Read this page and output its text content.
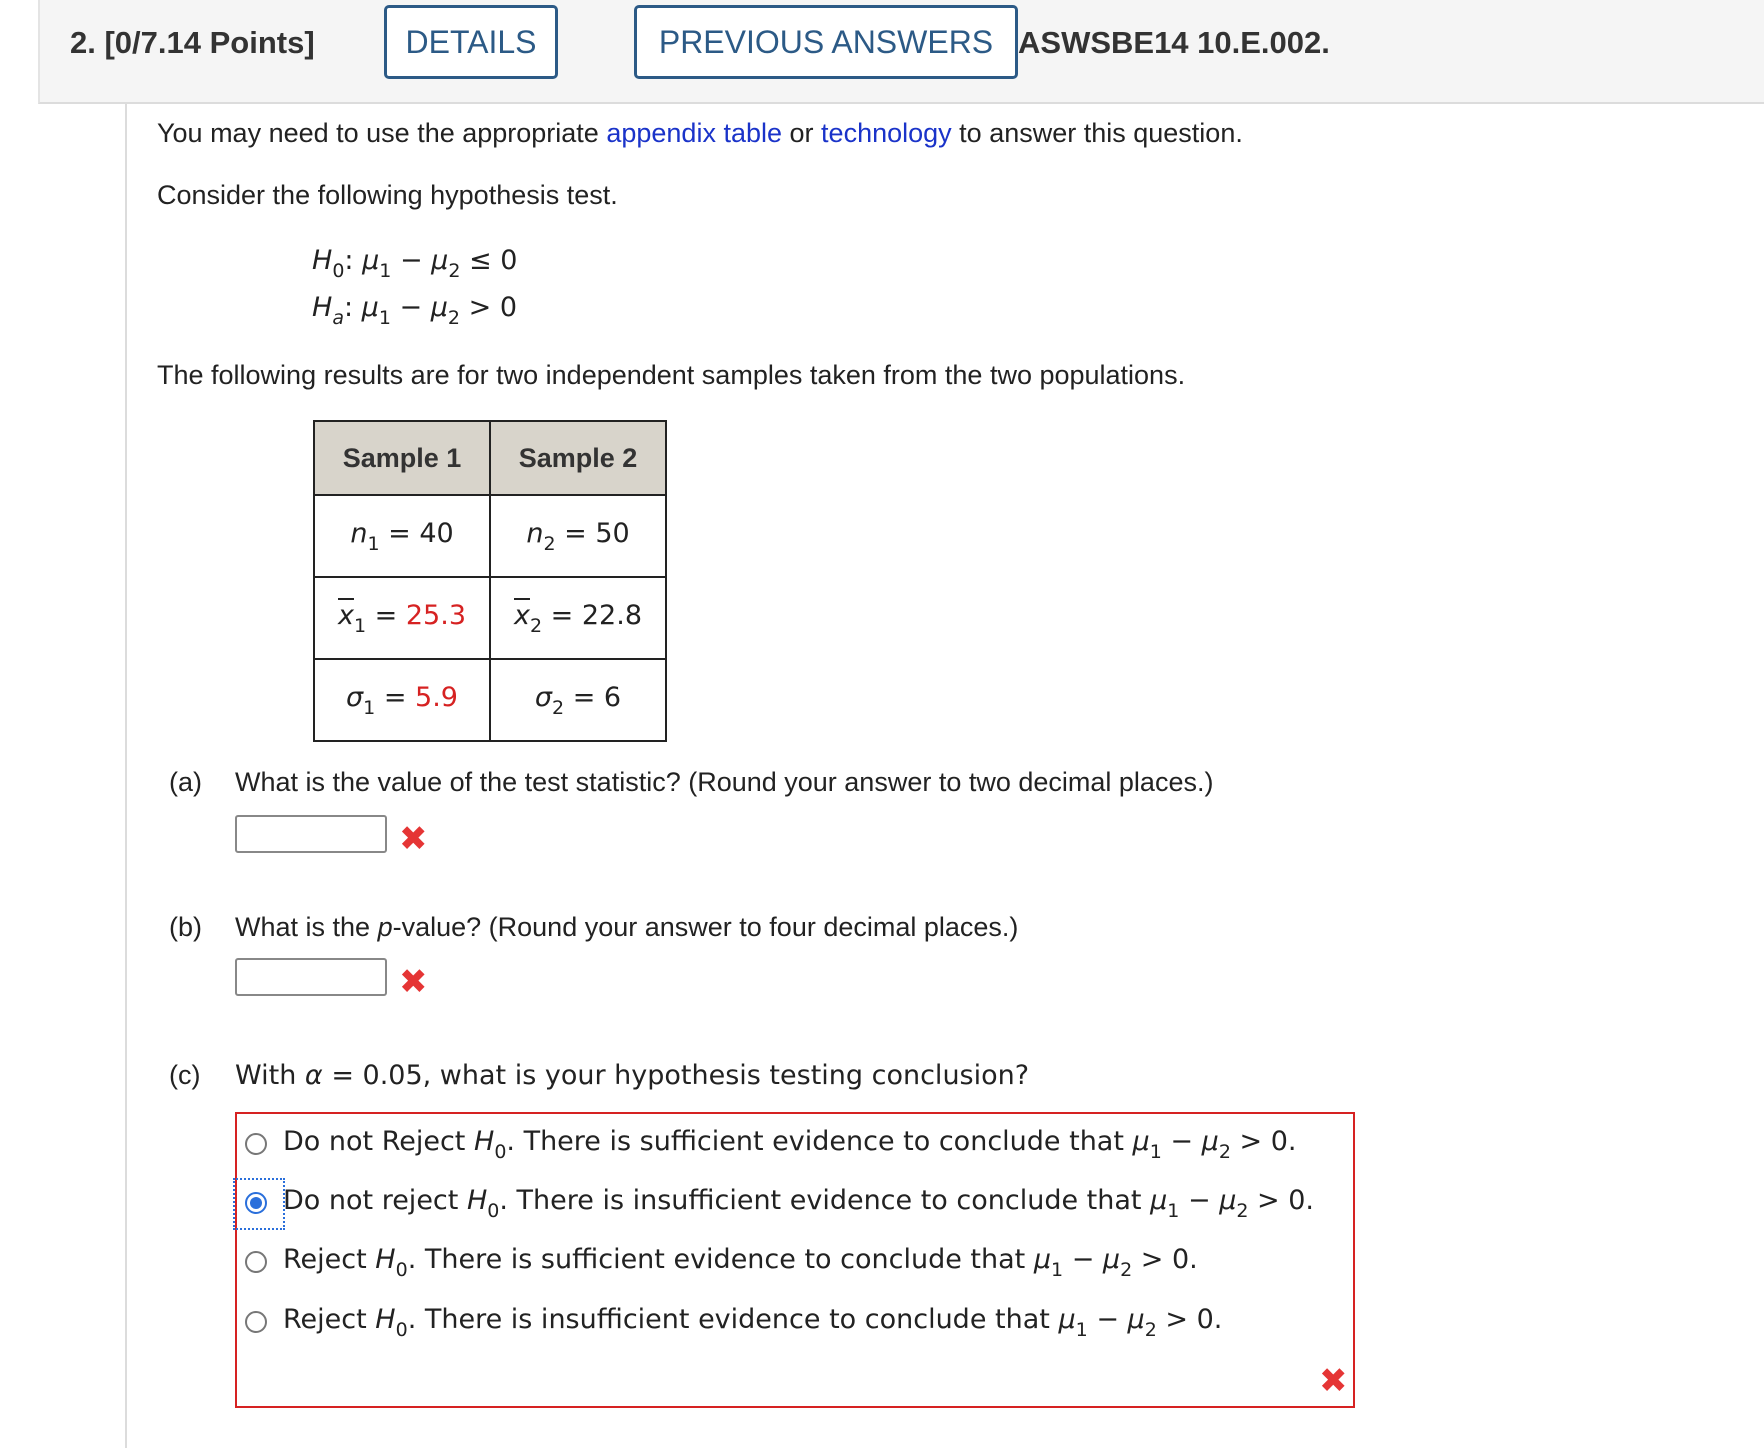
2. [0/7.14 Points]	DETAILS	PREVIOUS ANSWERS ASWSBE14 10.E.002.
You may need to use the appropriate appendix table or technology to answer this question.
Consider the following hypothesis test.
$H_0$: $\mu_1 - \mu_2 \le 0$
$H_a$: $\mu_1 - \mu_2 > 0$
The following results are for two independent samples taken from the two populations.
Sample 1	Sample 2
$n_1 = 40$	$n_2 = 50$
$\overline{x}_1 = 25.3$	$\overline{x}_2 = 22.8$
$\sigma_1 = 5.9$	$\sigma_2 = 6$
(a) What is the value of the test statistic? (Round your answer to two decimal places.)
✖
(b) What is the p-value? (Round your answer to four decimal places.)
✖
(c) With α = 0.05, what is your hypothesis testing conclusion?
Do not Reject $H_0$. There is sufficient evidence to conclude that $\mu_1 - \mu_2 > 0$.
Do not reject $H_0$. There is insufficient evidence to conclude that $\mu_1 - \mu_2 > 0$.
Reject $H_0$. There is sufficient evidence to conclude that $\mu_1 - \mu_2 > 0$.
Reject $H_0$. There is insufficient evidence to conclude that $\mu_1 - \mu_2 > 0$.
✖
